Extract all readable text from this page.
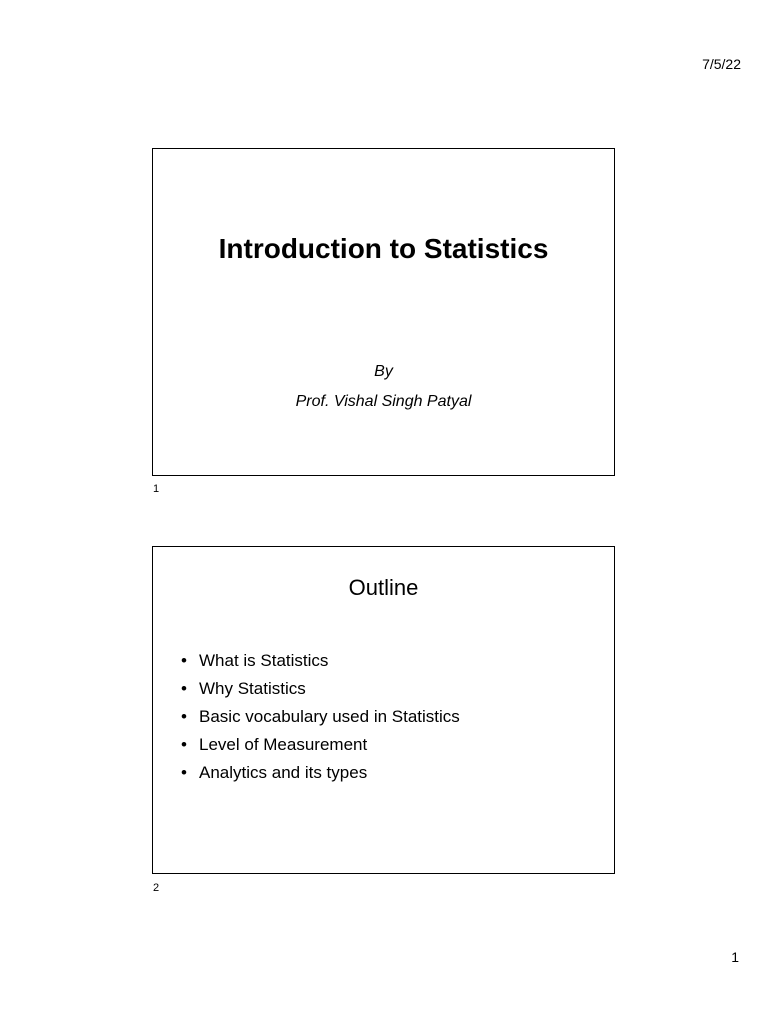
7/5/22
Introduction to Statistics
By
Prof. Vishal Singh Patyal
1
Outline
• What is Statistics
• Why Statistics
• Basic vocabulary used in Statistics
• Level of Measurement
• Analytics and its types
2
1
